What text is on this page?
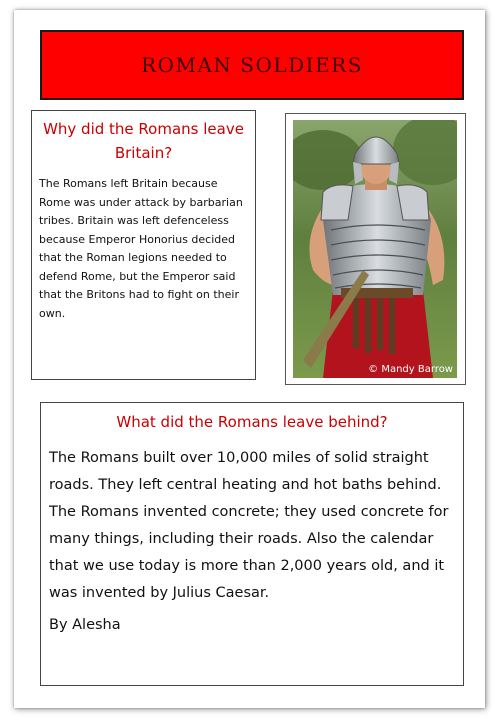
ROMAN SOLDIERS
Why did the Romans leave Britain?
The Romans left Britain because Rome was under attack by barbarian tribes. Britain was left defenceless because Emperor Honorius decided that the Roman legions needed to defend Rome, but the Emperor said that the Britons had to fight on their own.
© Mandy Barrow
What did the Romans leave behind?
The Romans built over 10,000 miles of solid straight roads. They left central heating and hot baths behind. The Romans invented concrete; they used concrete for many things, including their roads. Also the calendar that we use today is more than 2,000 years old, and it was invented by Julius Caesar.
By Alesha
